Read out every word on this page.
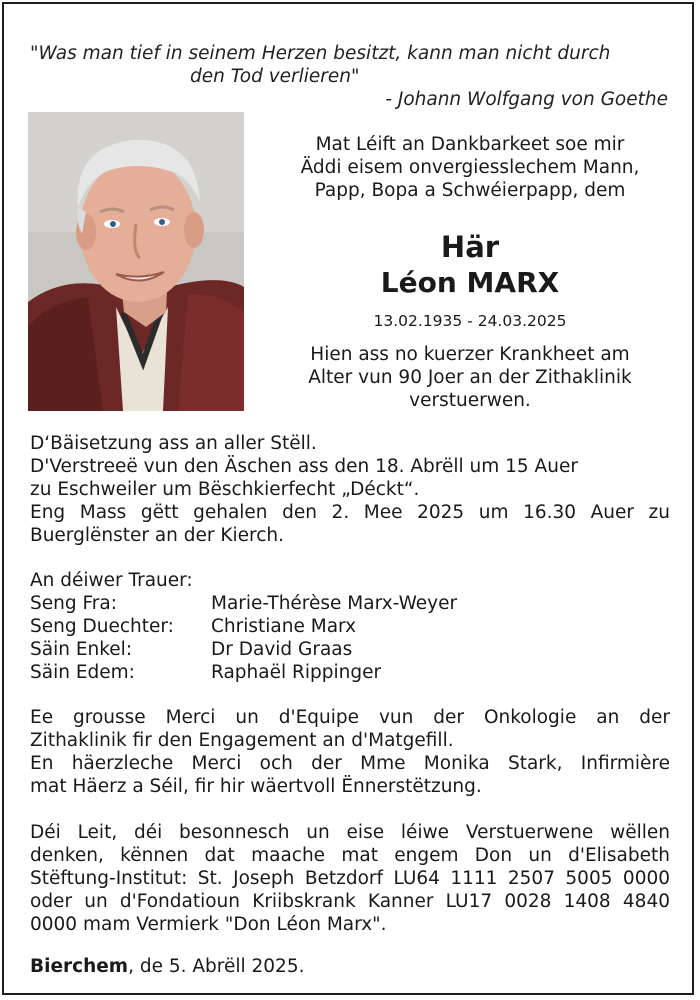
"Was man tief in seinem Herzen besitzt, kann man nicht durch
den Tod verlieren"
- Johann Wolfgang von Goethe
Mat Léift an Dankbarkeet soe mir
Äddi eisem onvergiesslechem Mann,
Papp, Bopa a Schwéierpapp, dem
Här
Léon MARX
13.02.1935 - 24.03.2025
Hien ass no kuerzer Krankheet am
Alter vun 90 Joer an der Zithaklinik
verstuerwen.
D‘Bäisetzung ass an aller Stëll.
D'Verstreeë vun den Äschen ass den 18. Abrëll um 15 Auer
zu Eschweiler um Bëschkierfecht „Déckt“.
Eng Mass gëtt gehalen den 2. Mee 2025 um 16.30 Auer zu
Buerglënster an der Kierch.
An déiwer Trauer:
Seng Fra:	Marie-Thérèse Marx-Weyer
Seng Duechter:	Christiane Marx
Säin Enkel:	Dr David Graas
Säin Edem:	Raphaël Rippinger
Ee grousse Merci un d'Equipe vun der Onkologie an der
Zithaklinik fir den Engagement an d'Matgefill.
En häerzleche Merci och der Mme Monika Stark, Infirmière
mat Häerz a Séil, fir hir wäertvoll Ënnerstëtzung.
Déi Leit, déi besonnesch un eise léiwe Verstuerwene wëllen
denken, kënnen dat maache mat engem Don un d'Elisabeth
Stëftung-Institut: St. Joseph Betzdorf LU64 1111 2507 5005 0000
oder un d'Fondatioun Kriibskrank Kanner LU17 0028 1408 4840
0000 mam Vermierk "Don Léon Marx".
Bierchem, de 5. Abrëll 2025.
